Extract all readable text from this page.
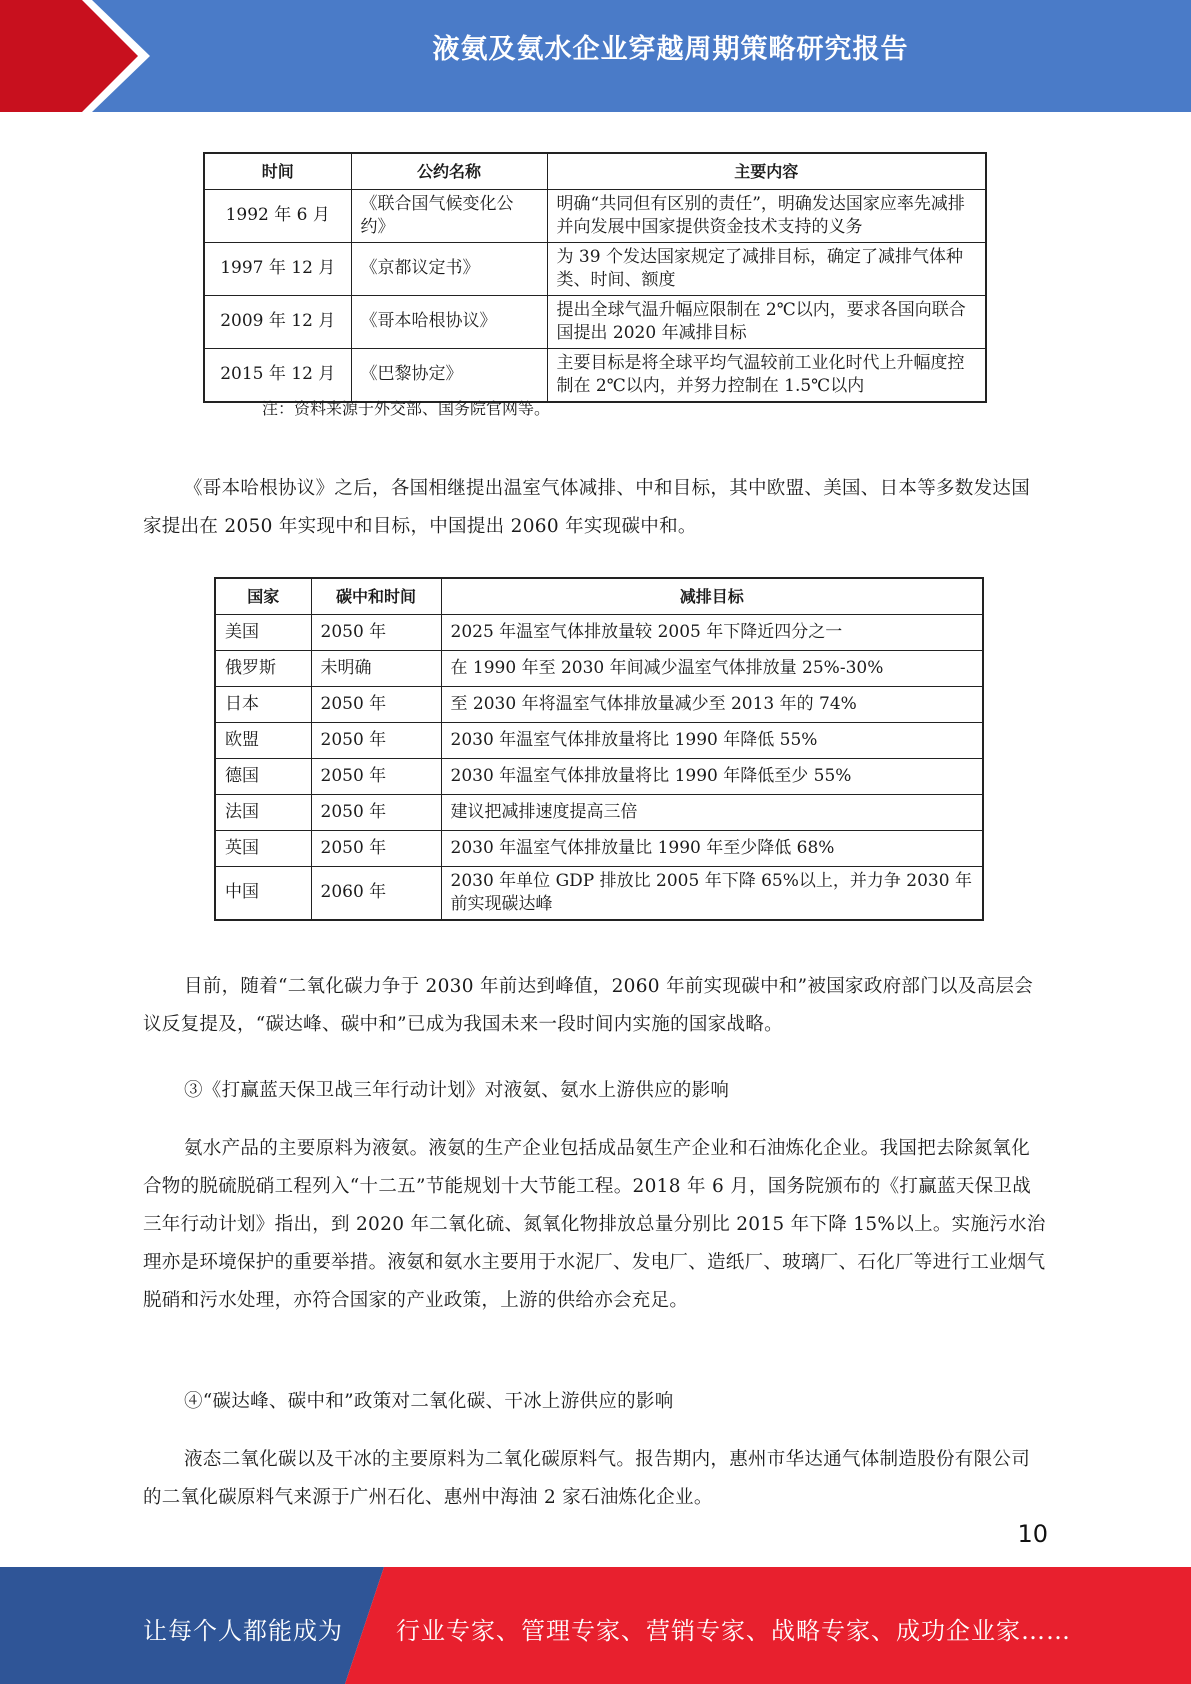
液氨及氨水企业穿越周期策略研究报告
时间	公约名称	主要内容
1992 年 6 月	《联合国气候变化公约》	明确“共同但有区别的责任”，明确发达国家应率先减排并向发展中国家提供资金技术支持的义务
1997 年 12 月	《京都议定书》	为 39 个发达国家规定了减排目标，确定了减排气体种类、时间、额度
2009 年 12 月	《哥本哈根协议》	提出全球气温升幅应限制在 2℃以内，要求各国向联合国提出 2020 年减排目标
2015 年 12 月	《巴黎协定》	主要目标是将全球平均气温较前工业化时代上升幅度控制在 2℃以内，并努力控制在 1.5℃以内
注：资料来源于外交部、国务院官网等。

《哥本哈根协议》之后，各国相继提出温室气体减排、中和目标，其中欧盟、美国、日本等多数发达国家提出在 2050 年实现中和目标，中国提出 2060 年实现碳中和。

国家	碳中和时间	减排目标
美国	2050 年	2025 年温室气体排放量较 2005 年下降近四分之一
俄罗斯	未明确	在 1990 年至 2030 年间减少温室气体排放量 25%-30%
日本	2050 年	至 2030 年将温室气体排放量减少至 2013 年的 74%
欧盟	2050 年	2030 年温室气体排放量将比 1990 年降低 55%
德国	2050 年	2030 年温室气体排放量将比 1990 年降低至少 55%
法国	2050 年	建议把减排速度提高三倍
英国	2050 年	2030 年温室气体排放量比 1990 年至少降低 68%
中国	2060 年	2030 年单位 GDP 排放比 2005 年下降 65%以上，并力争 2030 年前实现碳达峰

目前，随着“二氧化碳力争于 2030 年前达到峰值，2060 年前实现碳中和”被国家政府部门以及高层会议反复提及，“碳达峰、碳中和”已成为我国未来一段时间内实施的国家战略。

③《打赢蓝天保卫战三年行动计划》对液氨、氨水上游供应的影响

氨水产品的主要原料为液氨。液氨的生产企业包括成品氨生产企业和石油炼化企业。我国把去除氮氧化合物的脱硫脱硝工程列入“十二五”节能规划十大节能工程。2018 年 6 月，国务院颁布的《打赢蓝天保卫战三年行动计划》指出，到 2020 年二氧化硫、氮氧化物排放总量分别比 2015 年下降 15%以上。实施污水治理亦是环境保护的重要举措。液氨和氨水主要用于水泥厂、发电厂、造纸厂、玻璃厂、石化厂等进行工业烟气脱硝和污水处理，亦符合国家的产业政策，上游的供给亦会充足。

④“碳达峰、碳中和”政策对二氧化碳、干冰上游供应的影响

液态二氧化碳以及干冰的主要原料为二氧化碳原料气。报告期内，惠州市华达通气体制造股份有限公司的二氧化碳原料气来源于广州石化、惠州中海油 2 家石油炼化企业。

10
让每个人都能成为 行业专家、管理专家、营销专家、战略专家、成功企业家……
